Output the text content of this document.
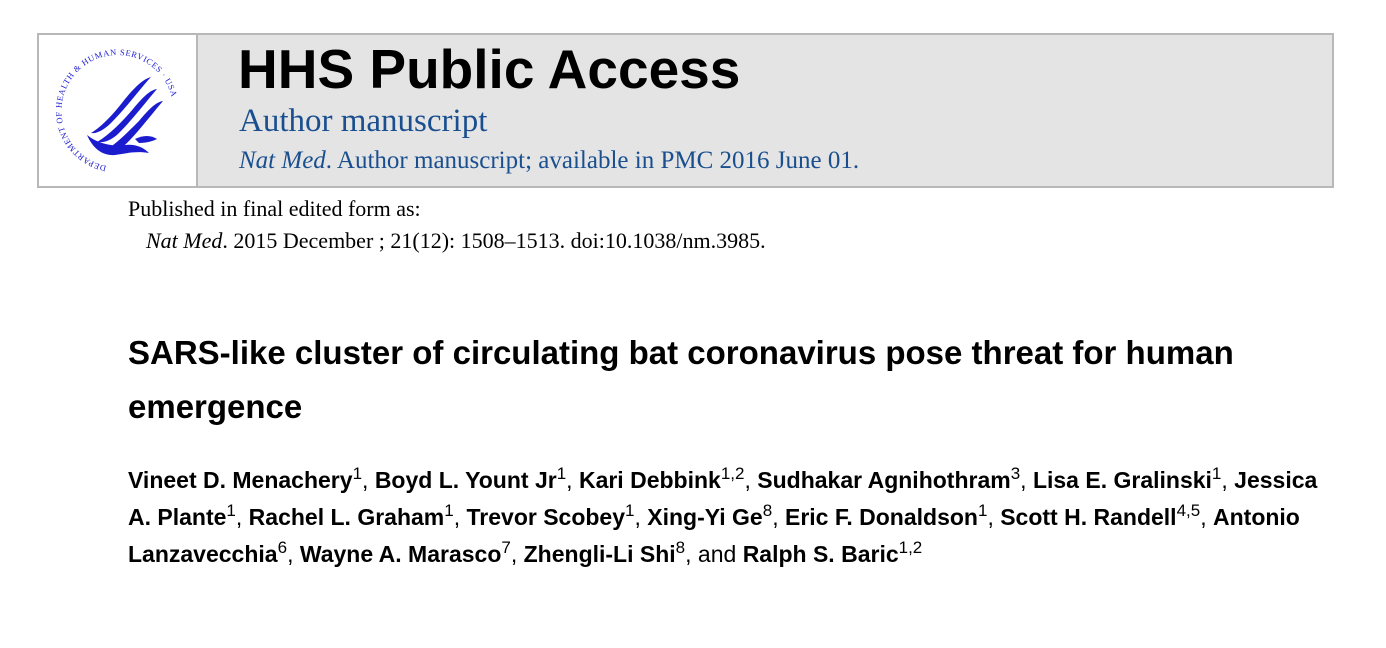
DEPARTMENT OF HEALTH & HUMAN SERVICES · USA HHS Public Access
Author manuscript
Nat Med. Author manuscript; available in PMC 2016 June 01.
Published in final edited form as:
Nat Med. 2015 December ; 21(12): 1508–1513. doi:10.1038/nm.3985.
SARS-like cluster of circulating bat coronavirus pose threat for human emergence
Vineet D. Menachery$^1$, Boyd L. Yount Jr$^1$, Kari Debbink$^{1,2}$, Sudhakar Agnihothram$^3$, Lisa E. Gralinski$^1$, Jessica A. Plante$^1$, Rachel L. Graham$^1$, Trevor Scobey$^1$, Xing-Yi Ge$^8$, Eric F. Donaldson$^1$, Scott H. Randell$^{4,5}$, Antonio Lanzavecchia$^6$, Wayne A. Marasco$^7$, Zhengli-Li Shi$^8$, and Ralph S. Baric$^{1,2}$
